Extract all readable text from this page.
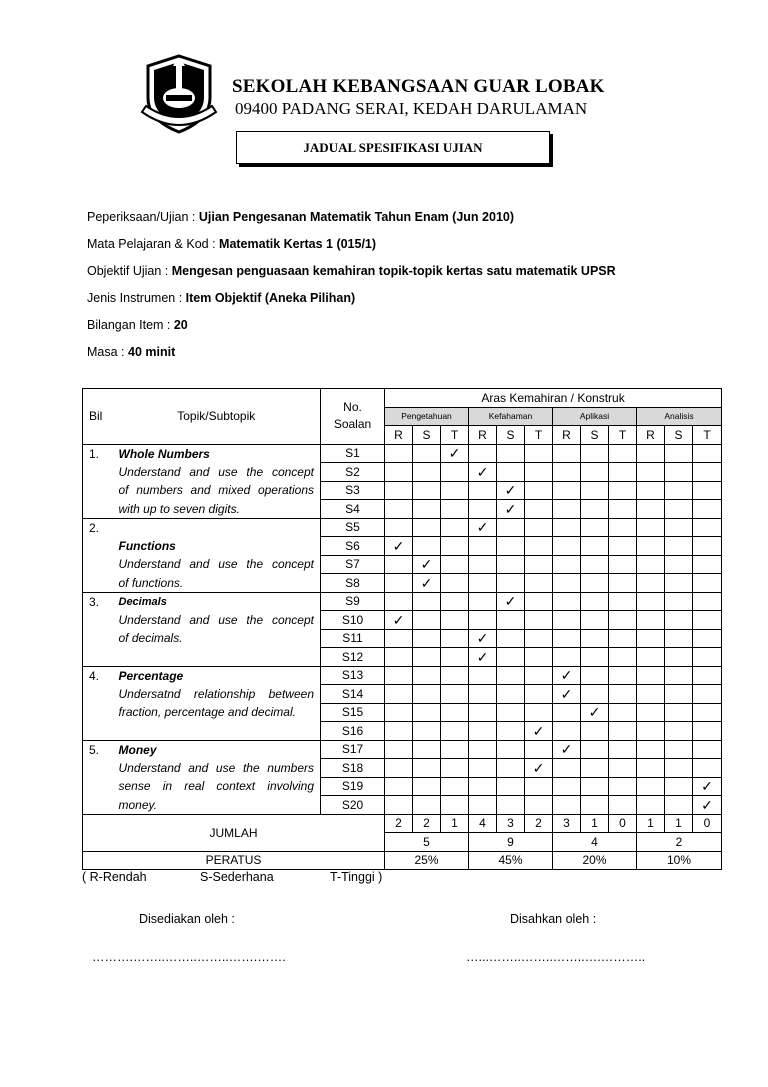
SEKOLAH KEBANGSAAN GUAR LOBAK
09400 PADANG SERAI, KEDAH DARULAMAN
JADUAL SPESIFIKASI UJIAN
Peperiksaan/Ujian : Ujian Pengesanan Matematik Tahun Enam (Jun 2010)
Mata Pelajaran & Kod : Matematik Kertas 1 (015/1)
Objektif Ujian : Mengesan penguasaan kemahiran topik-topik kertas satu matematik UPSR
Jenis Instrumen : Item Objektif (Aneka Pilihan)
Bilangan Item : 20
Masa : 40 minit
Bil	Topik/Subtopik	No.
Soalan	Aras Kemahiran / Konstruk											
			Pengetahuan			Kefahaman			Aplikasi			Analisis		
			R	S	T	R	S	T	R	S	T	R	S	T
1.	Whole Numbers	S1			✓									
	Understand and use the concept	S2				✓								
	of numbers and mixed operations	S3					✓							
	with up to seven digits.	S4					✓							
2.		S5				✓								
	Functions	S6	✓											
	Understand and use the concept	S7		✓										
	of functions.	S8		✓										
3.	Decimals	S9					✓							
	Understand and use the concept	S10	✓											
	of decimals.	S11				✓								
		S12				✓								
4.	Percentage	S13							✓					
	Undersatnd relationship between	S14							✓					
	fraction, percentage and decimal.	S15								✓				
		S16						✓						
5.	Money	S17							✓					
	Understand and use the numbers	S18						✓						
	sense in real context involving	S19												✓
	money.	S20												✓
JUMLAH			2	2	1	4	3	2	3	1	0	1	1	0
			5			9			4			2		
PERATUS			25%			45%			20%			10%		
( R-Rendah	S-Sederhana	T-Tinggi )
Disediakan oleh :	Disahkan oleh :
……….……..……..……..…….…….	…...……..……..……..….………..
